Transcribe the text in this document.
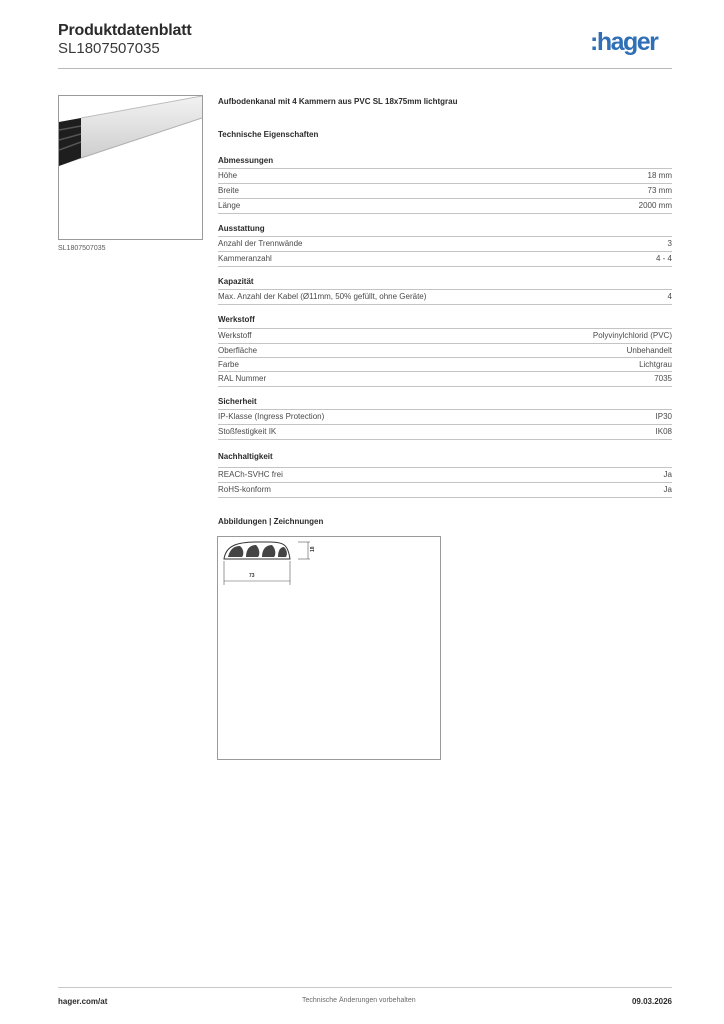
Produktdatenblatt
SL1807507035	:hager
SL1807507035
Aufbodenkanal mit 4 Kammern aus PVC SL 18x75mm lichtgrau
Technische Eigenschaften
Abmessungen
Höhe	18 mm
Breite	73 mm
Länge	2000 mm
Ausstattung
Anzahl der Trennwände	3
Kammeranzahl	4 - 4
Kapazität
Max. Anzahl der Kabel (Ø11mm, 50% gefüllt, ohne Geräte)	4
Werkstoff
Werkstoff	Polyvinylchlorid (PVC)
Oberfläche	Unbehandelt
Farbe	Lichtgrau
RAL Nummer	7035
Sicherheit
IP-Klasse (Ingress Protection)	IP30
Stoßfestigkeit IK	IK08
Nachhaltigkeit
REACh-SVHC frei	Ja
RoHS-konform	Ja
Abbildungen | Zeichnungen
18
73
hager.com/at	Technische Änderungen vorbehalten	09.03.2026
